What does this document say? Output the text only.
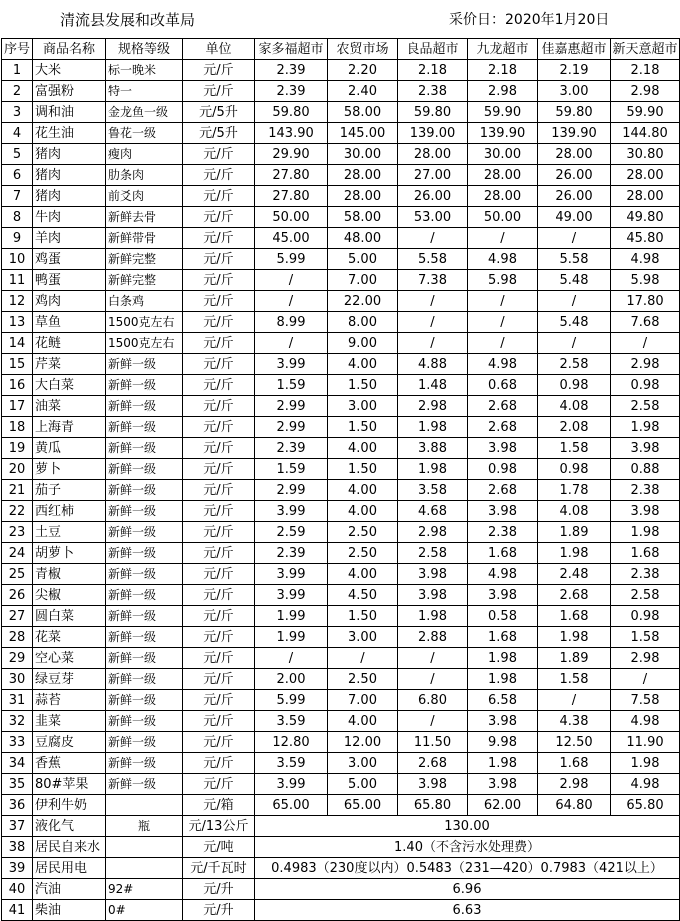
清流县发展和改革局	采价日：2020年1月20日
序号	商品名称	规格等级	单位	家多福超市	农贸市场	良品超市	九龙超市	佳嘉惠超市	新天意超市
1	大米	标一晚米	元/斤	2.39	2.20	2.18	2.18	2.19	2.18
2	富强粉	特一	元/斤	2.39	2.40	2.38	2.98	3.00	2.98
3	调和油	金龙鱼一级	元/5升	59.80	58.00	59.80	59.90	59.80	59.90
4	花生油	鲁花一级	元/5升	143.90	145.00	139.00	139.90	139.90	144.80
5	猪肉	瘦肉	元/斤	29.90	30.00	28.00	30.00	28.00	30.80
6	猪肉	肋条肉	元/斤	27.80	28.00	27.00	28.00	26.00	28.00
7	猪肉	前爻肉	元/斤	27.80	28.00	26.00	28.00	26.00	28.00
8	牛肉	新鲜去骨	元/斤	50.00	58.00	53.00	50.00	49.00	49.80
9	羊肉	新鲜带骨	元/斤	45.00	48.00	/	/	/	45.80
10	鸡蛋	新鲜完整	元/斤	5.99	5.00	5.58	4.98	5.58	4.98
11	鸭蛋	新鲜完整	元/斤	/	7.00	7.38	5.98	5.48	5.98
12	鸡肉	白条鸡	元/斤	/	22.00	/	/	/	17.80
13	草鱼	1500克左右	元/斤	8.99	8.00	/	/	5.48	7.68
14	花鲢	1500克左右	元/斤	/	9.00	/	/	/	/
15	芹菜	新鲜一级	元/斤	3.99	4.00	4.88	4.98	2.58	2.98
16	大白菜	新鲜一级	元/斤	1.59	1.50	1.48	0.68	0.98	0.98
17	油菜	新鲜一级	元/斤	2.99	3.00	2.98	2.68	4.08	2.58
18	上海青	新鲜一级	元/斤	2.99	1.50	1.98	2.68	2.08	1.98
19	黄瓜	新鲜一级	元/斤	2.39	4.00	3.88	3.98	1.58	3.98
20	萝卜	新鲜一级	元/斤	1.59	1.50	1.98	0.98	0.98	0.88
21	茄子	新鲜一级	元/斤	2.99	4.00	3.58	2.68	1.78	2.38
22	西红柿	新鲜一级	元/斤	3.99	4.00	4.68	3.98	4.08	3.98
23	土豆	新鲜一级	元/斤	2.59	2.50	2.98	2.38	1.89	1.98
24	胡萝卜	新鲜一级	元/斤	2.39	2.50	2.58	1.68	1.98	1.68
25	青椒	新鲜一级	元/斤	3.99	4.00	3.98	4.98	2.48	2.38
26	尖椒	新鲜一级	元/斤	3.99	4.50	3.98	3.98	2.68	2.58
27	圆白菜	新鲜一级	元/斤	1.99	1.50	1.98	0.58	1.68	0.98
28	花菜	新鲜一级	元/斤	1.99	3.00	2.88	1.68	1.98	1.58
29	空心菜	新鲜一级	元/斤	/	/	/	1.98	1.89	2.98
30	绿豆芽	新鲜一级	元/斤	2.00	2.50	/	1.98	1.58	/
31	蒜苔	新鲜一级	元/斤	5.99	7.00	6.80	6.58	/	7.58
32	韭菜	新鲜一级	元/斤	3.59	4.00	/	3.98	4.38	4.98
33	豆腐皮	新鲜一级	元/斤	12.80	12.00	11.50	9.98	12.50	11.90
34	香蕉	新鲜一级	元/斤	3.59	3.00	2.68	1.98	1.68	1.98
35	80#苹果	新鲜一级	元/斤	3.99	5.00	3.98	3.98	2.98	4.98
36	伊利牛奶		元/箱	65.00	65.00	65.80	62.00	64.80	65.80
37	液化气	瓶	元/13公斤	130.00					
38	居民自来水		元/吨	1.40（不含污水处理费）					
39	居民用电		元/千瓦时	0.4983（230度以内）0.5483（231—420）0.7983（421以上）					
40	汽油	92#	元/升	6.96					
41	柴油	0#	元/升	6.63					
